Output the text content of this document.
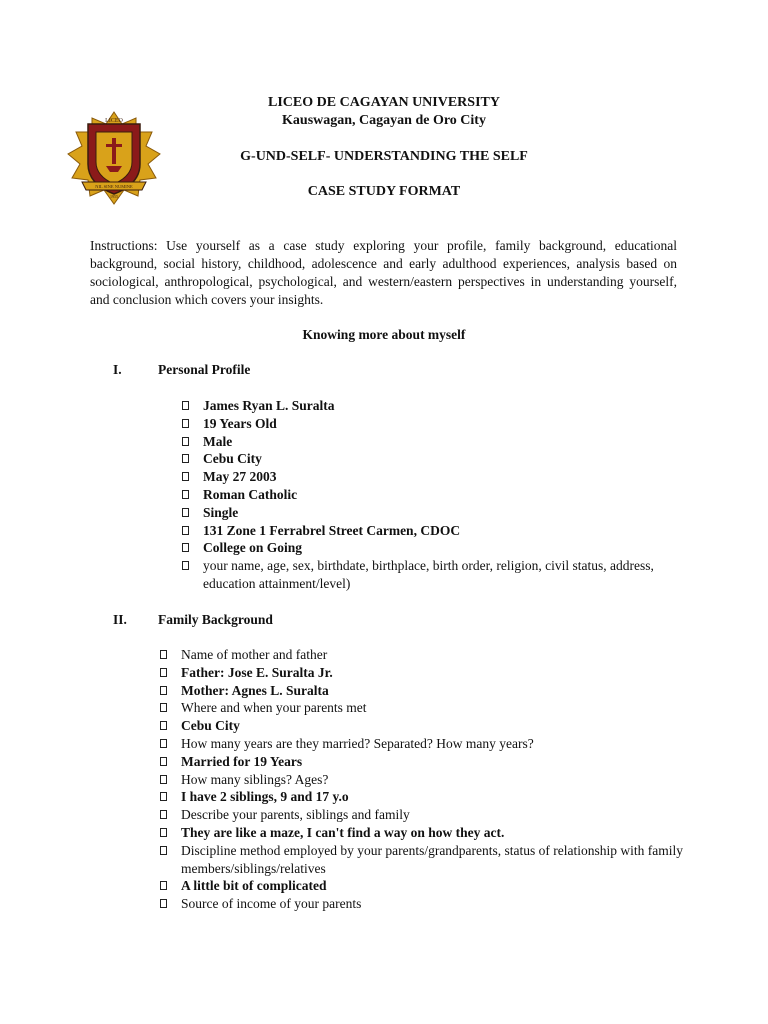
LICEO
NIL SINE NUMINE
1955
LICEO DE CAGAYAN UNIVERSITY
Kauswagan, Cagayan de Oro City
G-UND-SELF- UNDERSTANDING THE SELF
CASE STUDY FORMAT
Instructions: Use yourself as a case study exploring your profile, family background, educational background, social history, childhood, adolescence and early adulthood experiences, analysis based on sociological, anthropological, psychological, and western/eastern perspectives in understanding yourself, and conclusion which covers your insights.
Knowing more about myself
I.	Personal Profile
James Ryan L. Suralta
19 Years Old
Male
Cebu City
May 27 2003
Roman Catholic
Single
131 Zone 1 Ferrabrel Street Carmen, CDOC
College on Going
your name, age, sex, birthdate, birthplace, birth order, religion, civil status, address, education attainment/level)
II. Family Background
Name of mother and father
Father: Jose E. Suralta Jr.
Mother: Agnes L. Suralta
Where and when your parents met
Cebu City
How many years are they married? Separated? How many years?
Married for 19 Years
How many siblings? Ages?
I have 2 siblings, 9 and 17 y.o
Describe your parents, siblings and family
They are like a maze, I can't find a way on how they act.
Discipline method employed by your parents/grandparents, status of relationship with family members/siblings/relatives
A little bit of complicated
Source of income of your parents
